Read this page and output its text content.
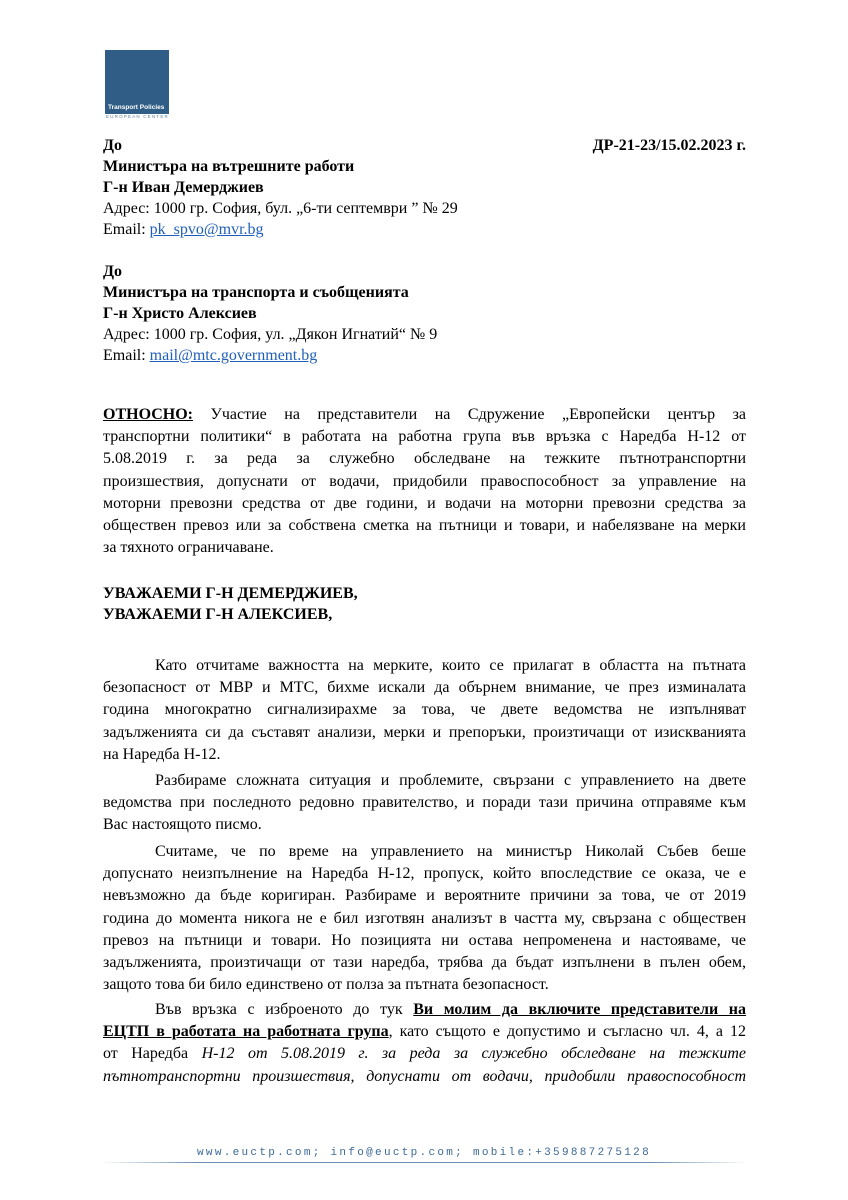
Transport Policies
EUROPEAN CENTER
До	ДР-21-23/15.02.2023 г.
Министъра на вътрешните работи
Г-н Иван Демерджиев
Адрес: 1000 гр. София, бул. „6-ти септември ” № 29
Email: pk_spvo@mvr.bg
До
Министъра на транспорта и съобщенията
Г-н Христо Алексиев
Адрес: 1000 гр. София, ул. „Дякон Игнатий“ № 9
Email: mail@mtc.government.bg
ОТНОСНО: Участие на представители на Сдружение „Европейски център за
транспортни политики“ в работата на работна група във връзка с Наредба Н-12 от
5.08.2019 г. за реда за служебно обследване на тежките пътнотранспортни
произшествия, допуснати от водачи, придобили правоспособност за управление на
моторни превозни средства от две години, и водачи на моторни превозни средства за
обществен превоз или за собствена сметка на пътници и товари, и набелязване на мерки
за тяхното ограничаване.
УВАЖАЕМИ Г-Н ДЕМЕРДЖИЕВ,
УВАЖАЕМИ Г-Н АЛЕКСИЕВ,
Като отчитаме важността на мерките, които се прилагат в областта на пътната
безопасност от МВР и МТС, бихме искали да обърнем внимание, че през изминалата
година многократно сигнализирахме за това, че двете ведомства не изпълняват
задълженията си да съставят анализи, мерки и препоръки, произтичащи от изискванията
на Наредба Н-12.
Разбираме сложната ситуация и проблемите, свързани с управлението на двете
ведомства при последното редовно правителство, и поради тази причина отправяме към
Вас настоящото писмо.
Считаме, че по време на управлението на министър Николай Събев беше
допуснато неизпълнение на Наредба Н-12, пропуск, който впоследствие се оказа, че е
невъзможно да бъде коригиран. Разбираме и вероятните причини за това, че от 2019
година до момента никога не е бил изготвян анализът в частта му, свързана с обществен
превоз на пътници и товари. Но позицията ни остава непроменена и настояваме, че
задълженията, произтичащи от тази наредба, трябва да бъдат изпълнени в пълен обем,
защото това би било единствено от полза за пътната безопасност.
Във връзка с изброеното до тук Ви молим да включите представители на
ЕЦТП в работата на работната група, като същото е допустимо и съгласно чл. 4, а 12
от Наредба Н-12 от 5.08.2019 г. за реда за служебно обследване на тежките
пътнотранспортни произшествия, допуснати от водачи, придобили правоспособност
www.euctp.com; info@euctp.com; mobile:+359887275128
